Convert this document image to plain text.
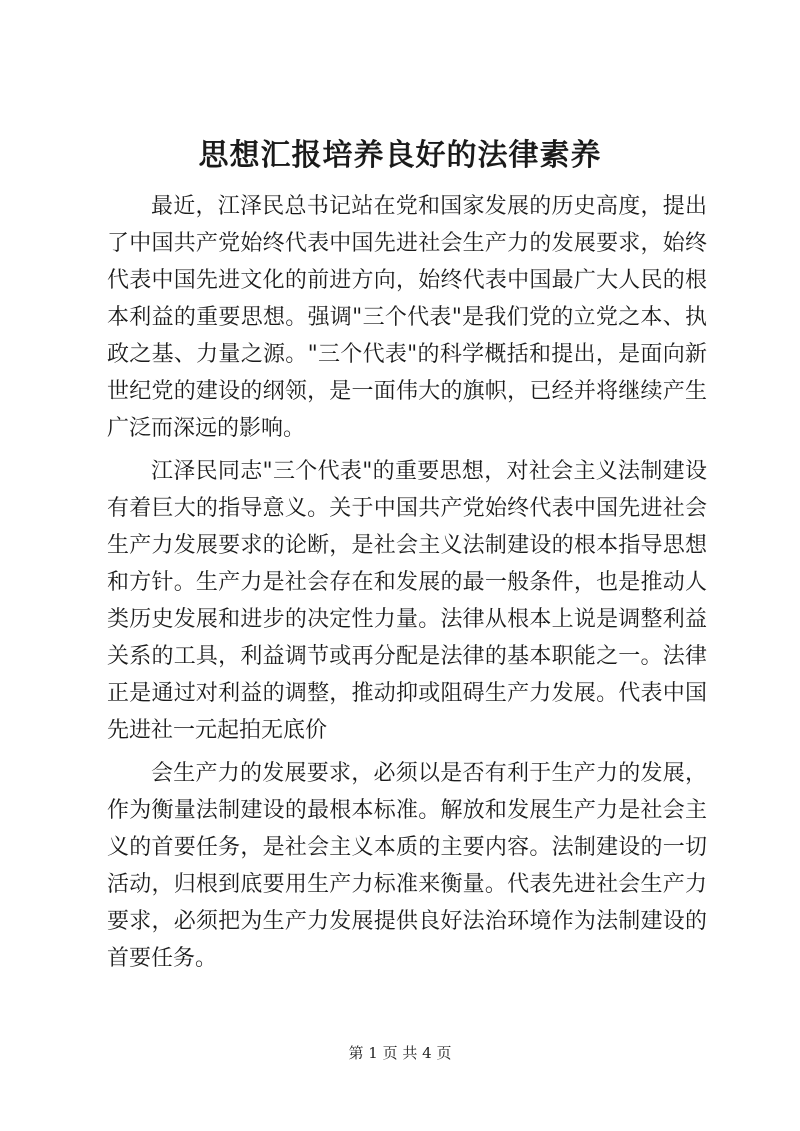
思想汇报培养良好的法律素养

最近，江泽民总书记站在党和国家发展的历史高度，提出了中国共产党始终代表中国先进社会生产力的发展要求，始终代表中国先进文化的前进方向，始终代表中国最广大人民的根本利益的重要思想。强调"三个代表"是我们党的立党之本、执政之基、力量之源。"三个代表"的科学概括和提出，是面向新世纪党的建设的纲领，是一面伟大的旗帜，已经并将继续产生广泛而深远的影响。

江泽民同志"三个代表"的重要思想，对社会主义法制建设有着巨大的指导意义。关于中国共产党始终代表中国先进社会生产力发展要求的论断，是社会主义法制建设的根本指导思想和方针。生产力是社会存在和发展的最一般条件，也是推动人类历史发展和进步的决定性力量。法律从根本上说是调整利益关系的工具，利益调节或再分配是法律的基本职能之一。法律正是通过对利益的调整，推动抑或阻碍生产力发展。代表中国先进社一元起拍无底价

会生产力的发展要求，必须以是否有利于生产力的发展，作为衡量法制建设的最根本标准。解放和发展生产力是社会主义的首要任务，是社会主义本质的主要内容。法制建设的一切活动，归根到底要用生产力标准来衡量。代表先进社会生产力要求，必须把为生产力发展提供良好法治环境作为法制建设的首要任务。

第 1 页 共 4 页
